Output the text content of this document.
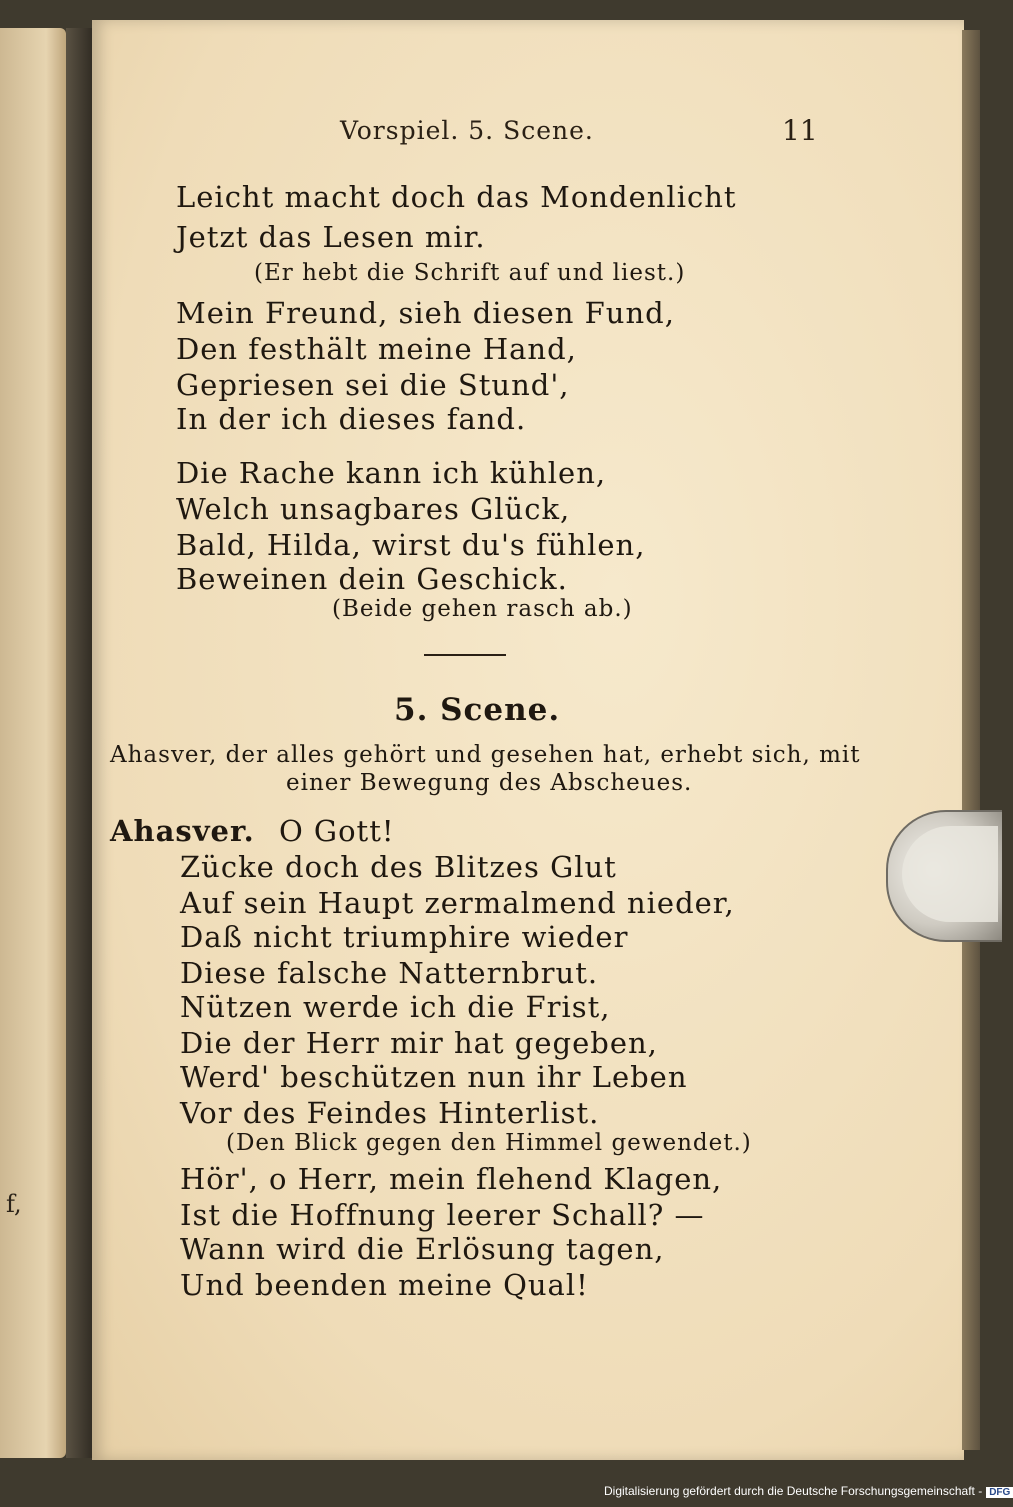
f,
Vorspiel. 5. Scene.	11
Leicht macht doch das Mondenlicht
Jetzt das Lesen mir.
(Er hebt die Schrift auf und liest.)
Mein Freund, sieh diesen Fund,
Den festhält meine Hand,
Gepriesen sei die Stund',
In der ich dieses fand.
Die Rache kann ich kühlen,
Welch unsagbares Glück,
Bald, Hilda, wirst du's fühlen,
Beweinen dein Geschick.
(Beide gehen rasch ab.)
5. Scene.
Ahasver, der alles gehört und gesehen hat, erhebt sich, mit
einer Bewegung des Abscheues.
Ahasver. O Gott!
Zücke doch des Blitzes Glut
Auf sein Haupt zermalmend nieder,
Daß nicht triumphire wieder
Diese falsche Natternbrut.
Nützen werde ich die Frist,
Die der Herr mir hat gegeben,
Werd' beschützen nun ihr Leben
Vor des Feindes Hinterlist.
(Den Blick gegen den Himmel gewendet.)
Hör', o Herr, mein flehend Klagen,
Ist die Hoffnung leerer Schall? —
Wann wird die Erlösung tagen,
Und beenden meine Qual!
Digitalisierung gefördert durch die Deutsche Forschungsgemeinschaft - DFG
